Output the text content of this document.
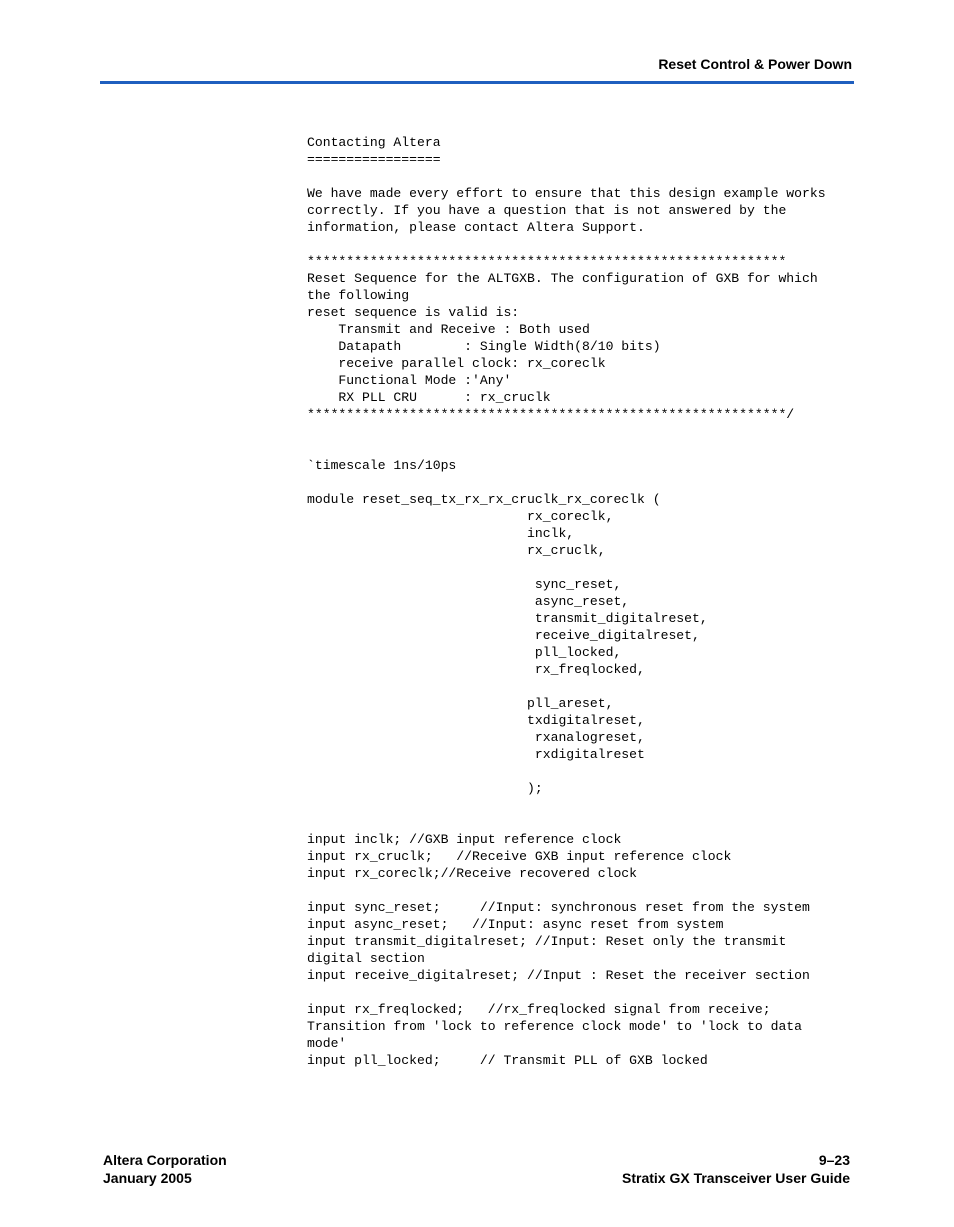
Reset Control & Power Down
Contacting Altera
=================
We have made every effort to ensure that this design example works
correctly. If you have a question that is not answered by the
information, please contact Altera Support.
*************************************************************
Reset Sequence for the ALTGXB. The configuration of GXB for which
the following
reset sequence is valid is:
Transmit and Receive : Both used
Datapath        : Single Width(8/10 bits)
receive parallel clock: rx_coreclk
Functional Mode :'Any'
RX PLL CRU      : rx_cruclk
*************************************************************/
`timescale 1ns/10ps
module reset_seq_tx_rx_rx_cruclk_rx_coreclk (
rx_coreclk,
inclk,
rx_cruclk,
sync_reset,
async_reset,
transmit_digitalreset,
receive_digitalreset,
pll_locked,
rx_freqlocked,
pll_areset,
txdigitalreset,
rxanalogreset,
rxdigitalreset
);
input inclk; //GXB input reference clock
input rx_cruclk;   //Receive GXB input reference clock
input rx_coreclk;//Receive recovered clock
input sync_reset;     //Input: synchronous reset from the system
input async_reset;   //Input: async reset from system
input transmit_digitalreset; //Input: Reset only the transmit
digital section
input receive_digitalreset; //Input : Reset the receiver section
input rx_freqlocked;   //rx_freqlocked signal from receive;
Transition from 'lock to reference clock mode' to 'lock to data
mode'
input pll_locked;     // Transmit PLL of GXB locked
Altera Corporation
January 2005
9–23
Stratix GX Transceiver User Guide
